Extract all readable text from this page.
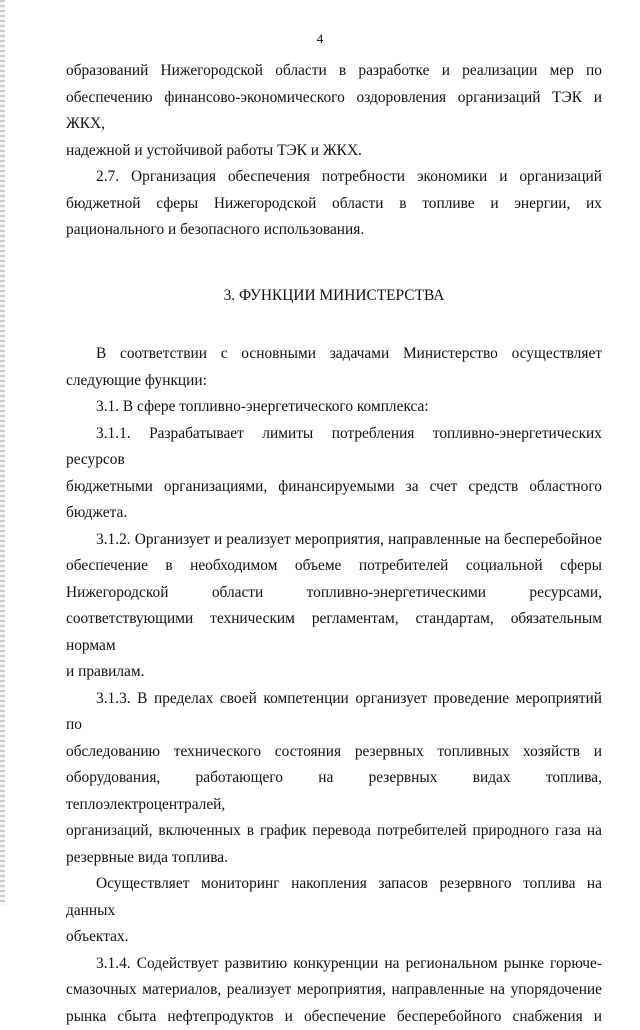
4

образований Нижегородской области в разработке и реализации мер по

обеспечению финансово-экономического оздоровления организаций ТЭК и ЖКХ,

надежной и устойчивой работы ТЭК и ЖКХ.

2.7. Организация обеспечения потребности экономики и организаций

бюджетной сферы Нижегородской области в топливе и энергии, их

рационального и безопасного использования.

3. ФУНКЦИИ МИНИСТЕРСТВА

В соответствии с основными задачами Министерство осуществляет

следующие функции:

3.1. В сфере топливно-энергетического комплекса:

3.1.1. Разрабатывает лимиты потребления топливно-энергетических ресурсов

бюджетными организациями, финансируемыми за счет средств областного

бюджета.

3.1.2. Организует и реализует мероприятия, направленные на бесперебойное

обеспечение в необходимом объеме потребителей социальной сферы

Нижегородской области топливно-энергетическими ресурсами,

соответствующими техническим регламентам, стандартам, обязательным нормам

и правилам.

3.1.3. В пределах своей компетенции организует проведение мероприятий по

обследованию технического состояния резервных топливных хозяйств и

оборудования, работающего на резервных видах топлива, теплоэлектроцентралей,

организаций, включенных в график перевода потребителей природного газа на

резервные вида топлива.

Осуществляет мониторинг накопления запасов резервного топлива на данных

объектах.

3.1.4. Содействует развитию конкуренции на региональном рынке горюче-

смазочных материалов, реализует мероприятия, направленные на упорядочение

рынка сбыта нефтепродуктов и обеспечение бесперебойного снабжения и
